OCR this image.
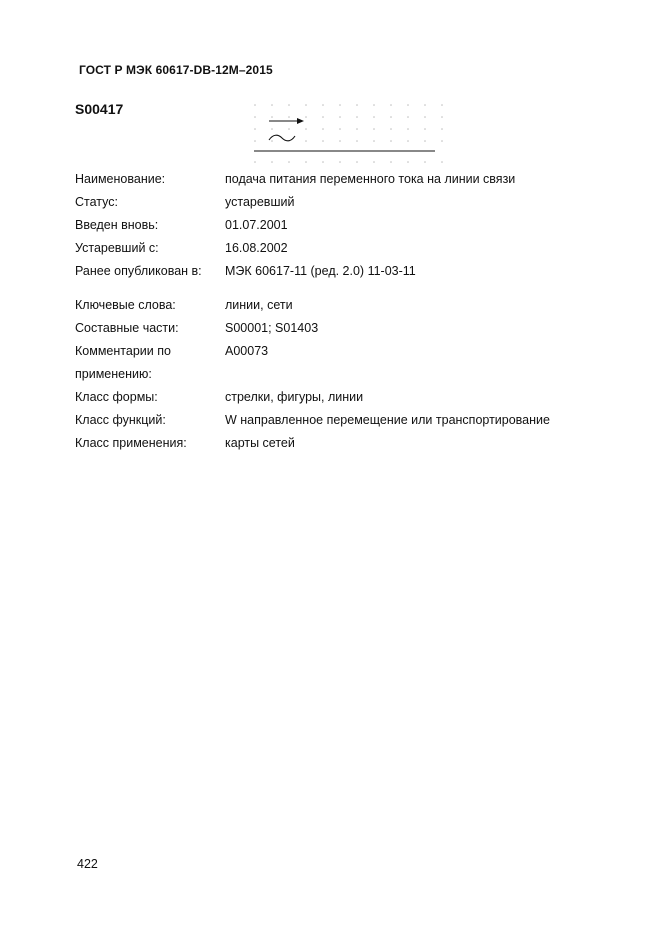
ГОСТ Р МЭК 60617-DB-12M–2015
S00417
Наименование:	подача питания переменного тока на линии связи
Статус:	устаревший
Введен вновь:	01.07.2001
Устаревший с:	16.08.2002
Ранее опубликован в: МЭК 60617-11 (ред. 2.0) 11-03-11
Ключевые слова:	линии, сети
Составные части:	S00001; S01403
Комментарии по	A00073
применению:
Класс формы:	стрелки, фигуры, линии
Класс функций:	W направленное перемещение или транспортирование
Класс применения:	карты сетей
422
